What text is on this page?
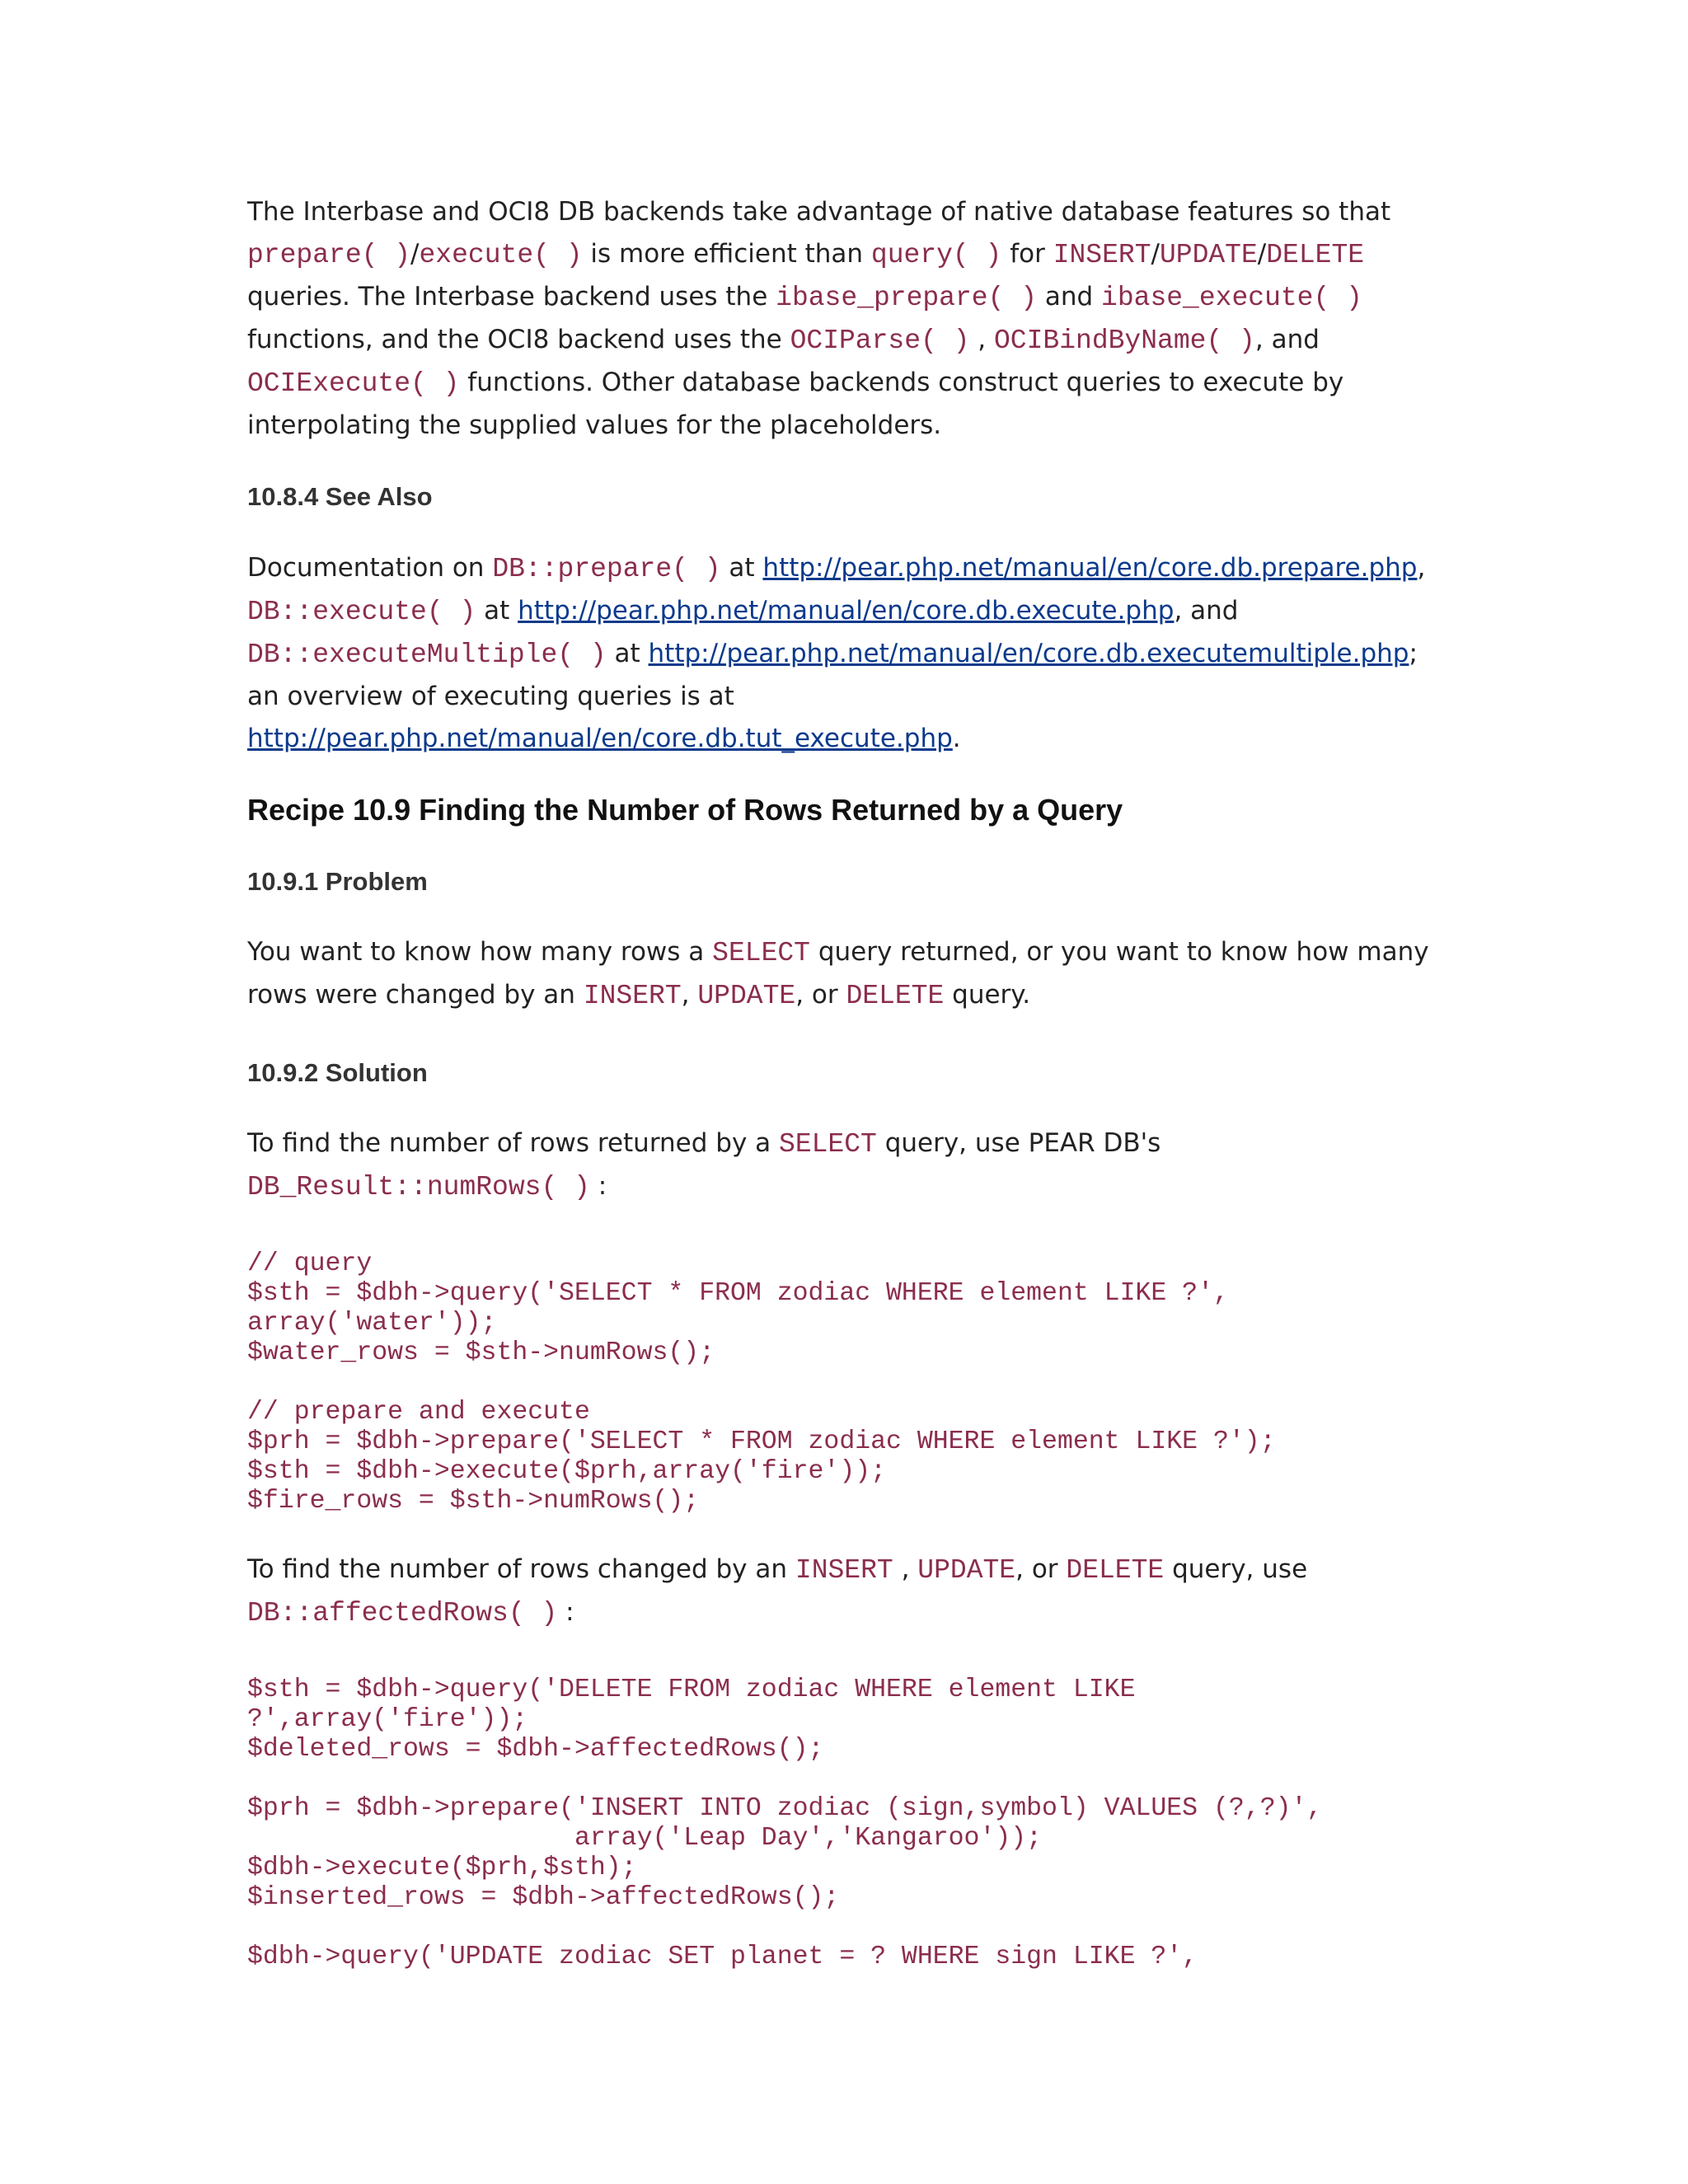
The Interbase and OCI8 DB backends take advantage of native database features so that
prepare( )/execute( ) is more efficient than query( ) for INSERT/UPDATE/DELETE
queries. The Interbase backend uses the ibase_prepare( ) and ibase_execute( )
functions, and the OCI8 backend uses the OCIParse( ) , OCIBindByName( ), and
OCIExecute( ) functions. Other database backends construct queries to execute by
interpolating the supplied values for the placeholders.
10.8.4 See Also
Documentation on DB::prepare( ) at http://pear.php.net/manual/en/core.db.prepare.php,
DB::execute( ) at http://pear.php.net/manual/en/core.db.execute.php, and
DB::executeMultiple( ) at http://pear.php.net/manual/en/core.db.executemultiple.php;
an overview of executing queries is at
http://pear.php.net/manual/en/core.db.tut_execute.php.
Recipe 10.9 Finding the Number of Rows Returned by a Query
10.9.1 Problem
You want to know how many rows a SELECT query returned, or you want to know how many
rows were changed by an INSERT, UPDATE, or DELETE query.
10.9.2 Solution
To find the number of rows returned by a SELECT query, use PEAR DB's
DB_Result::numRows( ) :
// query
$sth = $dbh->query('SELECT * FROM zodiac WHERE element LIKE ?',
array('water'));
$water_rows = $sth->numRows();

// prepare and execute
$prh = $dbh->prepare('SELECT * FROM zodiac WHERE element LIKE ?');
$sth = $dbh->execute($prh,array('fire'));
$fire_rows = $sth->numRows();
To find the number of rows changed by an INSERT , UPDATE, or DELETE query, use
DB::affectedRows( ) :
$sth = $dbh->query('DELETE FROM zodiac WHERE element LIKE
?',array('fire'));
$deleted_rows = $dbh->affectedRows();

$prh = $dbh->prepare('INSERT INTO zodiac (sign,symbol) VALUES (?,?)',
array('Leap Day','Kangaroo'));
$dbh->execute($prh,$sth);
$inserted_rows = $dbh->affectedRows();

$dbh->query('UPDATE zodiac SET planet = ? WHERE sign LIKE ?',
